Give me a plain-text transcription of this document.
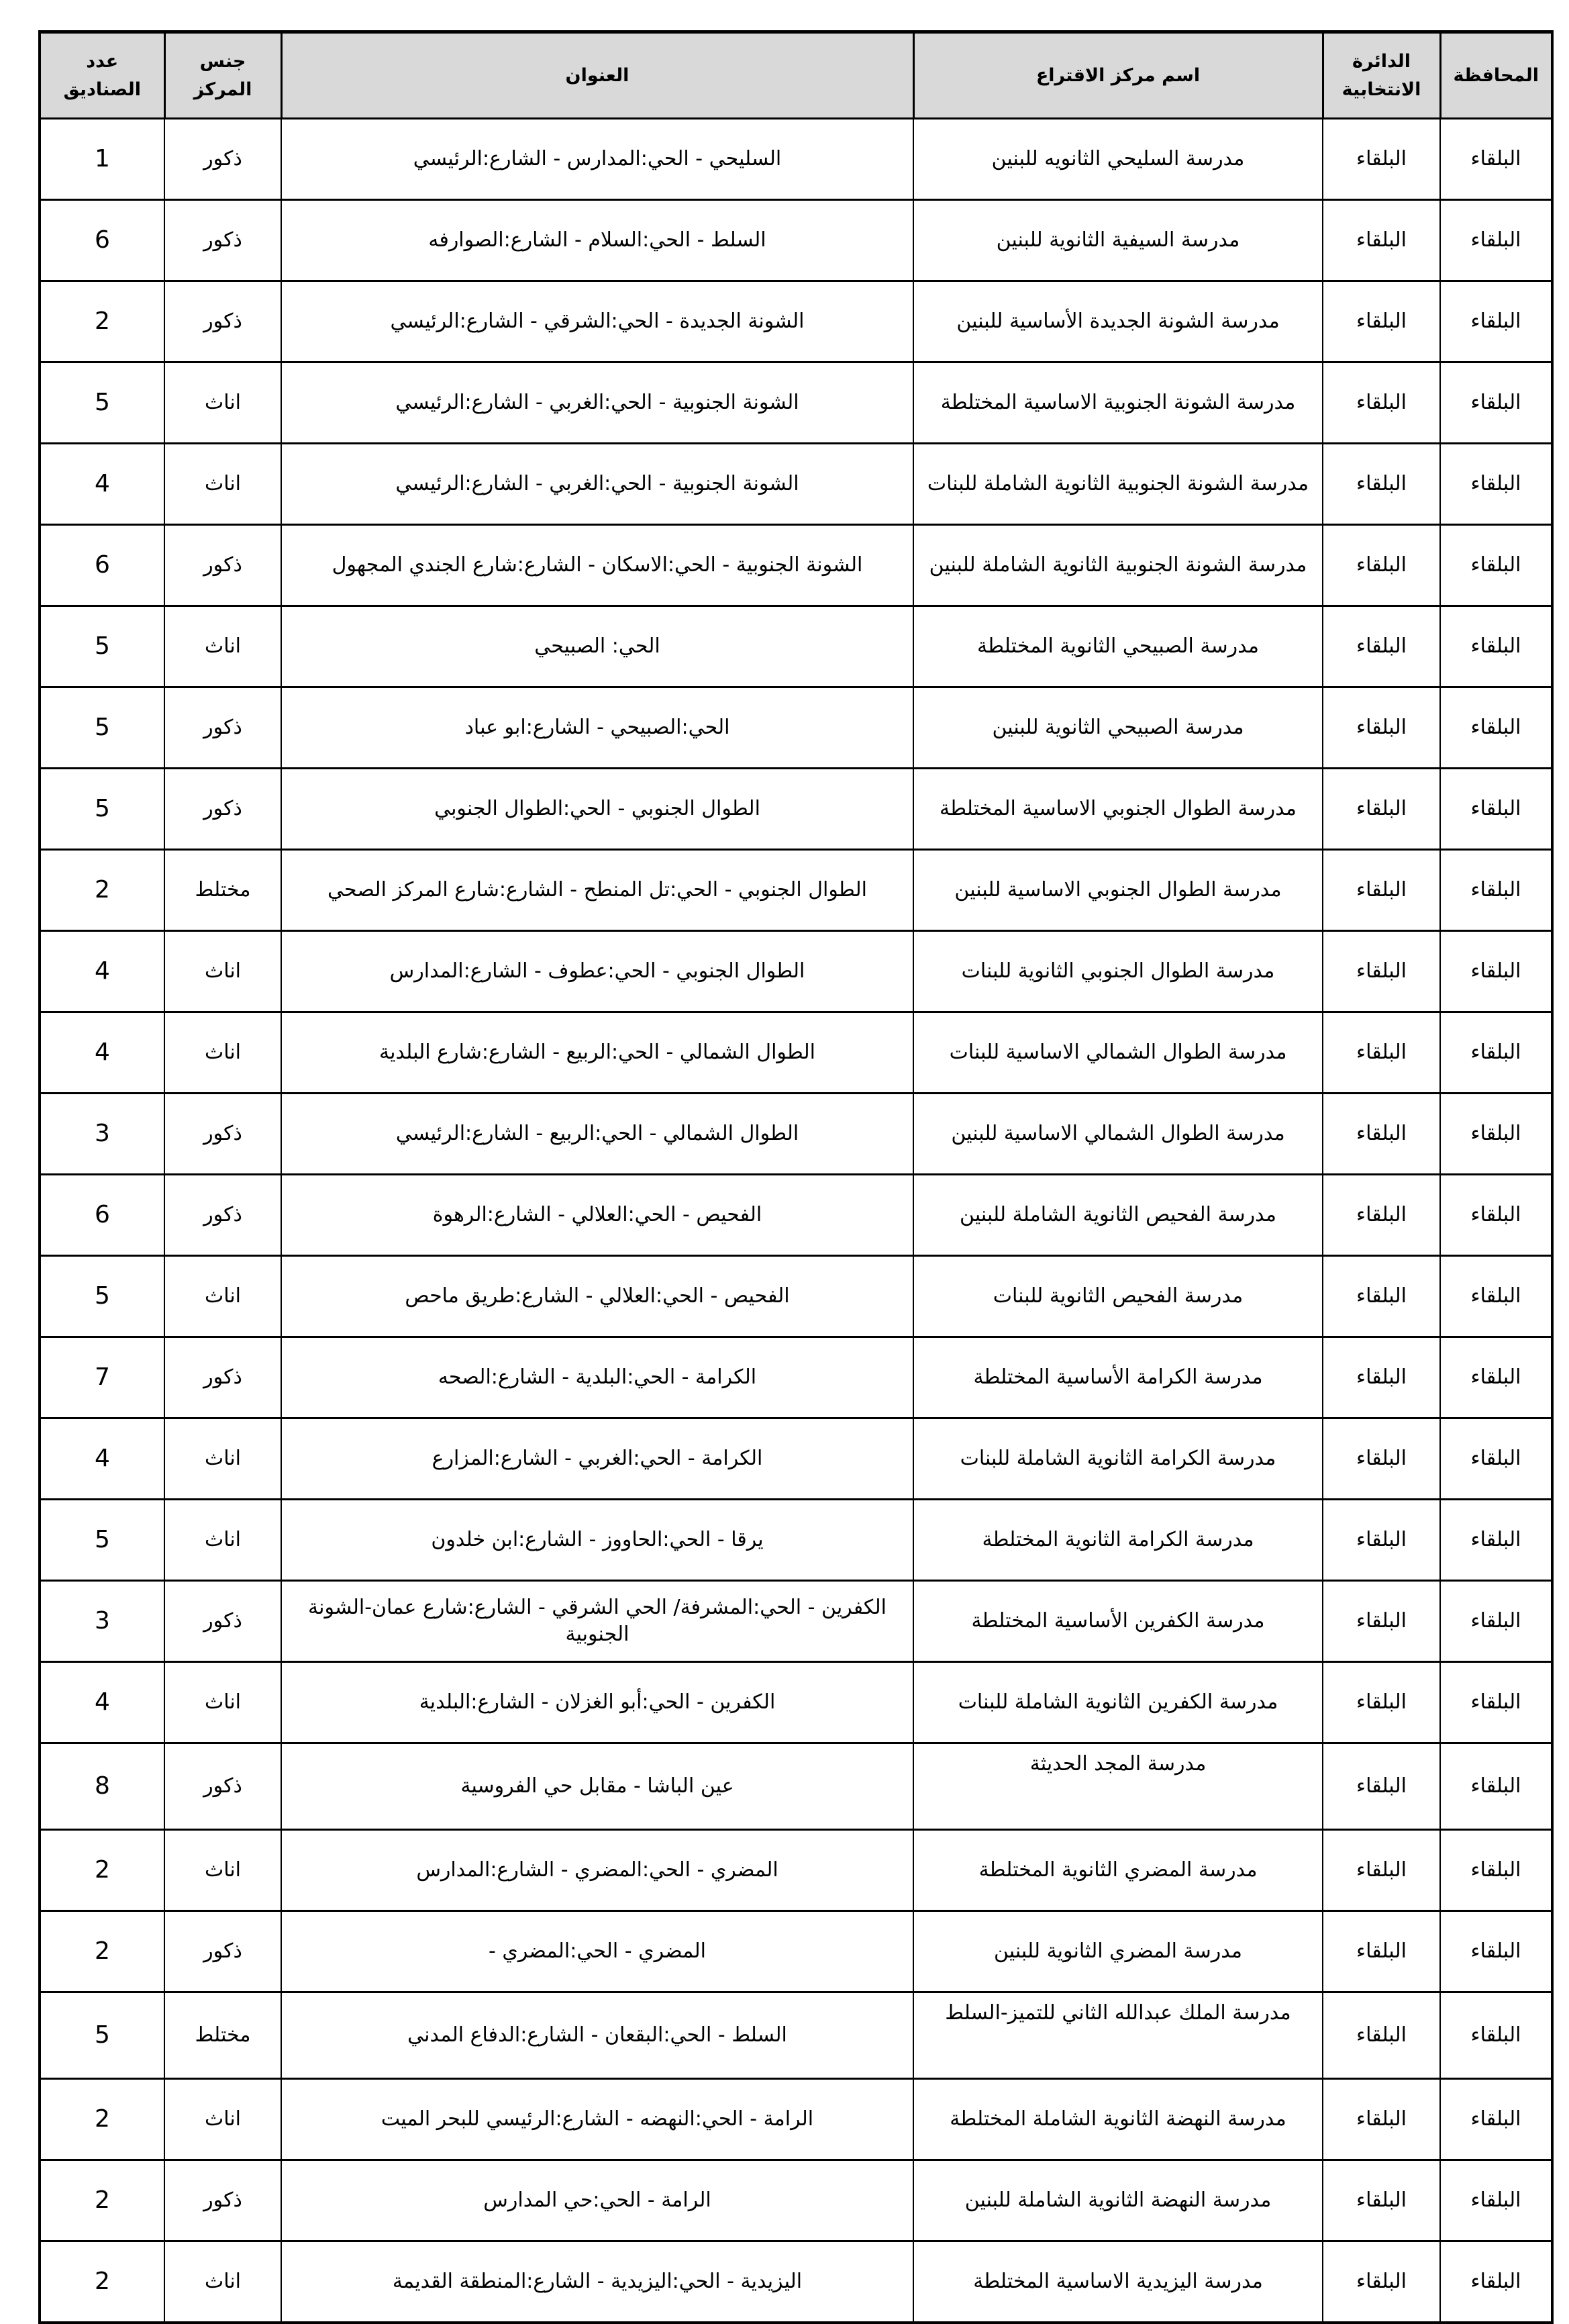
المحافظة	الدائرة الانتخابية	اسم مركز الاقتراع	العنوان	جنس المركز	عدد الصناديق
البلقاء	البلقاء	مدرسة السليحي الثانويه للبنين	السليحي - الحي:المدارس - الشارع:الرئيسي	ذكور	1
البلقاء	البلقاء	مدرسة السيفية الثانوية للبنين	السلط - الحي:السلام - الشارع:الصوارفه	ذكور	6
البلقاء	البلقاء	مدرسة الشونة الجديدة الأساسية للبنين	الشونة الجديدة - الحي:الشرقي - الشارع:الرئيسي	ذكور	2
البلقاء	البلقاء	مدرسة الشونة الجنوبية الاساسية المختلطة	الشونة الجنوبية - الحي:الغربي - الشارع:الرئيسي	اناث	5
البلقاء	البلقاء	مدرسة الشونة الجنوبية الثانوية الشاملة للبنات	الشونة الجنوبية - الحي:الغربي - الشارع:الرئيسي	اناث	4
البلقاء	البلقاء	مدرسة الشونة الجنوبية الثانوية الشاملة للبنين	الشونة الجنوبية - الحي:الاسكان - الشارع:شارع الجندي المجهول	ذكور	6
البلقاء	البلقاء	مدرسة الصبيحي الثانوية المختلطة	الحي: الصبيحي	اناث	5
البلقاء	البلقاء	مدرسة الصبيحي الثانوية للبنين	الحي:الصبيحي - الشارع:ابو عباد	ذكور	5
البلقاء	البلقاء	مدرسة الطوال الجنوبي الاساسية المختلطة	الطوال الجنوبي - الحي:الطوال الجنوبي	ذكور	5
البلقاء	البلقاء	مدرسة الطوال الجنوبي الاساسية للبنين	الطوال الجنوبي - الحي:تل المنطح - الشارع:شارع المركز الصحي	مختلط	2
البلقاء	البلقاء	مدرسة الطوال الجنوبي الثانوية للبنات	الطوال الجنوبي - الحي:عطوف - الشارع:المدارس	اناث	4
البلقاء	البلقاء	مدرسة الطوال الشمالي الاساسية للبنات	الطوال الشمالي - الحي:الربيع - الشارع:شارع البلدية	اناث	4
البلقاء	البلقاء	مدرسة الطوال الشمالي الاساسية للبنين	الطوال الشمالي - الحي:الربيع - الشارع:الرئيسي	ذكور	3
البلقاء	البلقاء	مدرسة الفحيص الثانوية الشاملة للبنين	الفحيص - الحي:العلالي - الشارع:الرهوة	ذكور	6
البلقاء	البلقاء	مدرسة الفحيص الثانوية للبنات	الفحيص - الحي:العلالي - الشارع:طريق ماحص	اناث	5
البلقاء	البلقاء	مدرسة الكرامة الأساسية المختلطة	الكرامة - الحي:البلدية - الشارع:الصحه	ذكور	7
البلقاء	البلقاء	مدرسة الكرامة الثانوية الشاملة للبنات	الكرامة - الحي:الغربي - الشارع:المزارع	اناث	4
البلقاء	البلقاء	مدرسة الكرامة الثانوية المختلطة	يرقا - الحي:الحاووز - الشارع:ابن خلدون	اناث	5
البلقاء	البلقاء	مدرسة الكفرين الأساسية المختلطة	الكفرين - الحي:المشرفة/ الحي الشرقي - الشارع:شارع عمان-الشونة الجنوبية	ذكور	3
البلقاء	البلقاء	مدرسة الكفرين الثانوية الشاملة للبنات	الكفرين - الحي:أبو الغزلان - الشارع:البلدية	اناث	4
البلقاء	البلقاء	مدرسة المجد الحديثة	عين الباشا - مقابل حي الفروسية	ذكور	8
البلقاء	البلقاء	مدرسة المضري الثانوية المختلطة	المضري - الحي:المضري - الشارع:المدارس	اناث	2
البلقاء	البلقاء	مدرسة المضري الثانوية للبنين	المضري - الحي:المضري -	ذكور	2
البلقاء	البلقاء	مدرسة الملك عبدالله الثاني للتميز-السلط	السلط - الحي:البقعان - الشارع:الدفاع المدني	مختلط	5
البلقاء	البلقاء	مدرسة النهضة الثانوية الشاملة المختلطة	الرامة - الحي:النهضه - الشارع:الرئيسي للبحر الميت	اناث	2
البلقاء	البلقاء	مدرسة النهضة الثانوية الشاملة للبنين	الرامة - الحي:حي المدارس	ذكور	2
البلقاء	البلقاء	مدرسة اليزيدية الاساسية المختلطة	اليزيدية - الحي:اليزيدية - الشارع:المنطقة القديمة	اناث	2
